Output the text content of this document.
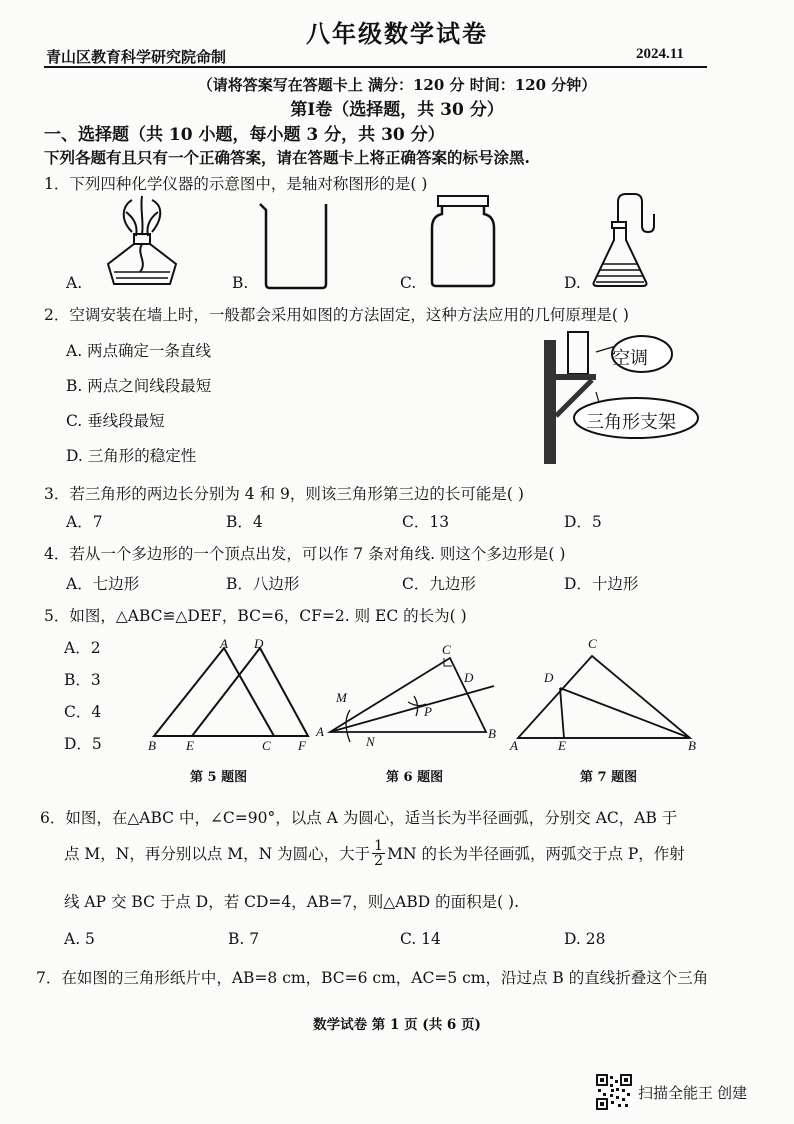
八年级数学试卷
青山区教育科学研究院命制	2024.11
（请将答案写在答题卡上 满分：120 分 时间：120 分钟）
第Ⅰ卷（选择题，共 30 分）
一、选择题（共 10 小题，每小题 3 分，共 30 分）
下列各题有且只有一个正确答案，请在答题卡上将正确答案的标号涂黑.
1．下列四种化学仪器的示意图中，是轴对称图形的是( )
A.	B.	C.	D.
2．空调安装在墙上时，一般都会采用如图的方法固定，这种方法应用的几何原理是( )
A. 两点确定一条直线
B. 两点之间线段最短
C. 垂线段最短
D. 三角形的稳定性
空调
三角形支架
3．若三角形的两边长分别为 4 和 9，则该三角形第三边的长可能是( )
A．7	B．4	C．13	D．5
4．若从一个多边形的一个顶点出发，可以作 7 条对角线. 则这个多边形是( )
A．七边形	B．八边形	C．九边形	D．十边形
5．如图，△ABC≌△DEF，BC=6，CF=2. 则 EC 的长为( )
A．2
B．3
C．4
D．5
A D
B E	C F
第 5 题图
C
D
M
P
A
N
B
第 6 题图
C
D
A	E	B
第 7 题图
6．如图，在△ABC 中，∠C=90°，以点 A 为圆心，适当长为半径画弧，分别交 AC，AB 于
点 M，N，再分别以点 M，N 为圆心，大于 $\frac{1}{2}$ MN 的长为半径画弧，两弧交于点 P，作射
线 AP 交 BC 于点 D，若 CD=4，AB=7，则△ABD 的面积是( ).
A. 5	B. 7	C. 14	D. 28
7．在如图的三角形纸片中，AB=8 cm，BC=6 cm，AC=5 cm，沿过点 B 的直线折叠这个三角
数学试卷 第 1 页 (共 6 页)
扫描全能王 创建
